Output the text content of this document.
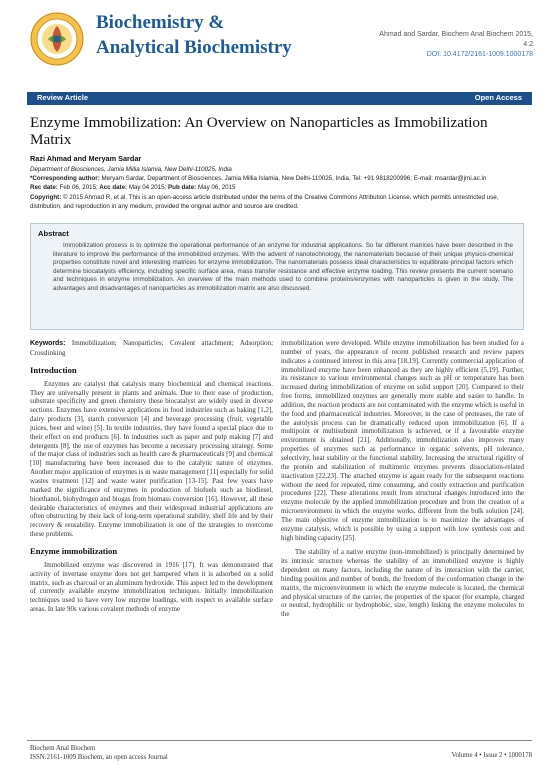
Biochemistry &
Analytical Biochemistry
Ahmad and Sardar, Biochem Anal Biochem 2015,
4:2
DOI: 10.4172/2161-1009.1000178
Review Article	Open Access
Enzyme Immobilization: An Overview on Nanoparticles as Immobilization Matrix
Razi Ahmad and Meryam Sardar
Department of Biosciences, Jamia Millia Islamia, New Delhi-110025, India
*Corresponding author: Meryam Sardar, Department of Biosciences, Jamia Millia Islamia, New Delhi-110025, India, Tel: +91 9818200996; E-mail: msardar@jmi.ac.in
Rec date: Feb 06, 2015; Acc date: May 04 2015; Pub date: May 06, 2015
Copyright: © 2015 Ahmad R, et al. This is an open-access article distributed under the terms of the Creative Commons Attribution License, which permits unrestricted use, distribution, and reproduction in any medium, provided the original author and source are credited.
Abstract

Immobilization process is to optimize the operational performance of an enzyme for industrial applications. So far different matrices have been described in the literature to improve the performance of the immobilized enzymes. With the advent of nanotechnology, the nanomaterials because of their unique physico-chemical properties constitute novel and interesting matrices for enzyme immobilization. The nanomaterials possess ideal characteristics to equilibrate principal factors which determine biocatalysts efficiency, including specific surface area, mass transfer resistance and effective enzyme loading. This review presents the current scenario and techniques in enzyme immobilization. An overview of the main methods used to combine proteins/enzymes with nanoparticles is given in the study. The advantages and disadvantages of nanoparticles as immobilization matrix are also discussed.

Keywords: Immobilization; Nanoparticles; Covalent attachment; Adsorption; Crosslinking

Introduction

Enzymes are catalyst that catalysis many biochemical and chemical reactions. They are universally present in plants and animals. Due to their ease of production, substrate specificity and green chemistry these biocatalyst are widely used in diverse sections. Enzymes have extensive applications in food industries such as baking [1,2], dairy products [3], starch conversion [4] and beverage processing (fruit, vegetable juices, beer and wine) [5]. In textile industries, they have found a special place due to their effect on end products [6]. In industries such as paper and pulp making [7] and detergents [8], the use of enzymes has become a necessary processing strategy. Some of the major class of industries such as health care & pharmaceuticals [9] and chemical [10] manufacturing have been increased due to the catalytic nature of enzymes. Another major application of enzymes is in waste management [11] especially for solid wastes treatment [12] and waste water purification [13-15]. Past few years have marked the significance of enzymes in production of biofuels such as biodiesel, bioethanol, biohydrogen and biogas from biomass conversion [16]. However, all these desirable characteristics of enzymes and their widespread industrial applications are often obstructing by their lack of long-term operational stability, shelf life and by their recovery & reusability. Enzyme immobilization is one of the strategies to overcome these problems.

Enzyme immobilization

Immobilized enzyme was discovered in 1916 [17]. It was demonstrated that activity of invertase enzyme does not get hampered when it is adsorbed on a solid matrix, such as charcoal or an aluminum hydroxide. This aspect led to the development of currently available enzyme immobilization techniques. Initially immobilization techniques used to have very low enzyme loadings, with respect to available surface areas. In late 90s various covalent methods of enzyme

immobilization were developed. While enzyme immobilization has been studied for a number of years, the appearance of recent published research and review papers indicates a continued interest in this area [18,19]. Currently commercial application of immobilized enzyme have been enhanced as they are highly efficient [5,19]. Further, its resistance to various environmental changes such as pH or temperature has been increased during immobilization of enzyme on solid support [20]. Compared to their free forms, immobilized enzymes are generally more stable and easier to handle. In addition, the reaction products are not contaminated with the enzyme which is useful in the food and pharmaceutical industries. Moreover, in the case of proteases, the rate of the autolysis process can be dramatically reduced upon immobilization [6]. If a multipoint or multisubunit immobilization is achieved, or if a favourable enzyme environment is obtained [21]. Additionally, immobilization also improves many properties of enzymes such as performance in organic solvents, pH tolerance, selectivity, heat stability or the functional stability. Increasing the structural rigidity of the protein and stabilization of multimeric enzymes prevents dissociation-related inactivation [22,23]. The attached enzyme is again ready for the subsequent reactions without the need for repeated, time consuming, and costly extraction and purification procedures [22]. These alterations result from structural changes introduced into the enzyme molecule by the applied immobilization procedure and from the creation of a microenvironment in which the enzyme works, different from the bulk solution [24]. The main objective of enzyme immobilization is to maximize the advantages of enzyme catalysis, which is possible by using a support with low synthesis cost and high binding capacity [25].

The stability of a native enzyme (non-immobilized) is principally determined by its intrinsic structure whereas the stability of an immobilized enzyme is highly dependent on many factors, including the nature of its interaction with the carrier, binding position and number of bonds, the freedom of the conformation change in the matrix, the microenvironment in which the enzyme molecule is located, the chemical and physical structure of the carrier, the properties of the spacer (for example, charged or neutral, hydrophilic or hydrophobic, size, length) linking the enzyme molecules to the

Biochem Anal Biochem
ISSN:2161-1009 Biochem, an open access Journal	Volume 4 • Issue 2 • 1000178
